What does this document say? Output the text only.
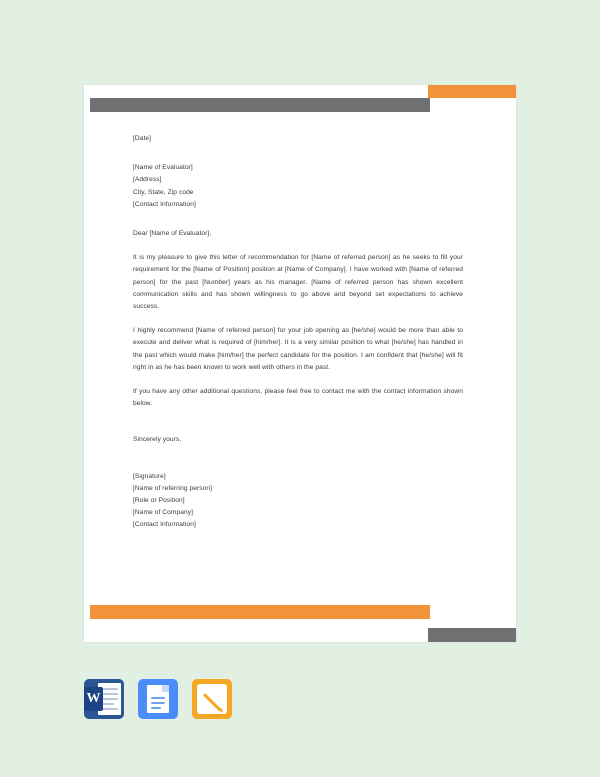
[Date]
[Name of Evaluator]
[Address]
City, State, Zip code
[Contact Information]
Dear [Name of Evaluator],

It is my pleasure to give this letter of recommendation for [Name of referred person] as he seeks to fill your requirement for the [Name of Position] position at [Name of Company]. I have worked with [Name of referred person] for the past [Number] years as his manager. [Name of referred person has shown excellent communication skills and has shown willingness to go above and beyond set expectations to achieve success.

I highly recommend [Name of referred person] for your job opening as [he/she] would be more than able to execute and deliver what is required of [him/her]. It is a very similar position to what [he/she] has handled in the past which would make [him/her] the perfect candidate for the position. I am confident that [he/she] will fit right in as he has been known to work well with others in the past.

If you have any other additional questions, please feel free to contact me with the contact information shown below.

Sincerely yours,
[Signature]
[Name of referring person]
[Role or Position]
[Name of Company]
[Contact Information]
W
